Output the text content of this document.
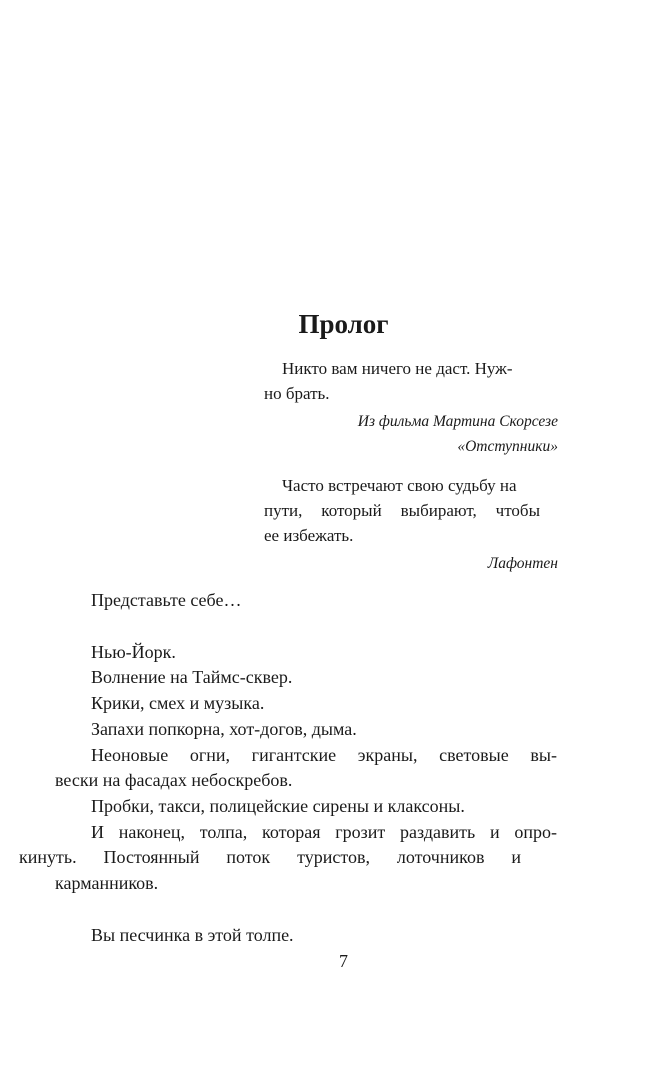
Пролог

Никто вам ничего не даст. Нуж-
но брать.

Из фильма Мартина Скорсезе
«Отступники»

Часто встречают свою судьбу на
пути, который выбирают, чтобы
ее избежать.

Лафонтен

Представьте себе…

Нью-Йорк.

Волнение на Таймс-сквер.

Крики, смех и музыка.

Запахи попкорна, хот-догов, дыма.

Неоновые огни, гигантские экраны, световые вы-
вески на фасадах небоскребов.

Пробки, такси, полицейские сирены и клаксоны.

И наконец, толпа, которая грозит раздавить и опро-
кинуть. Постоянный поток туристов, лоточников и
карманников.

Вы песчинка в этой толпе.

7
